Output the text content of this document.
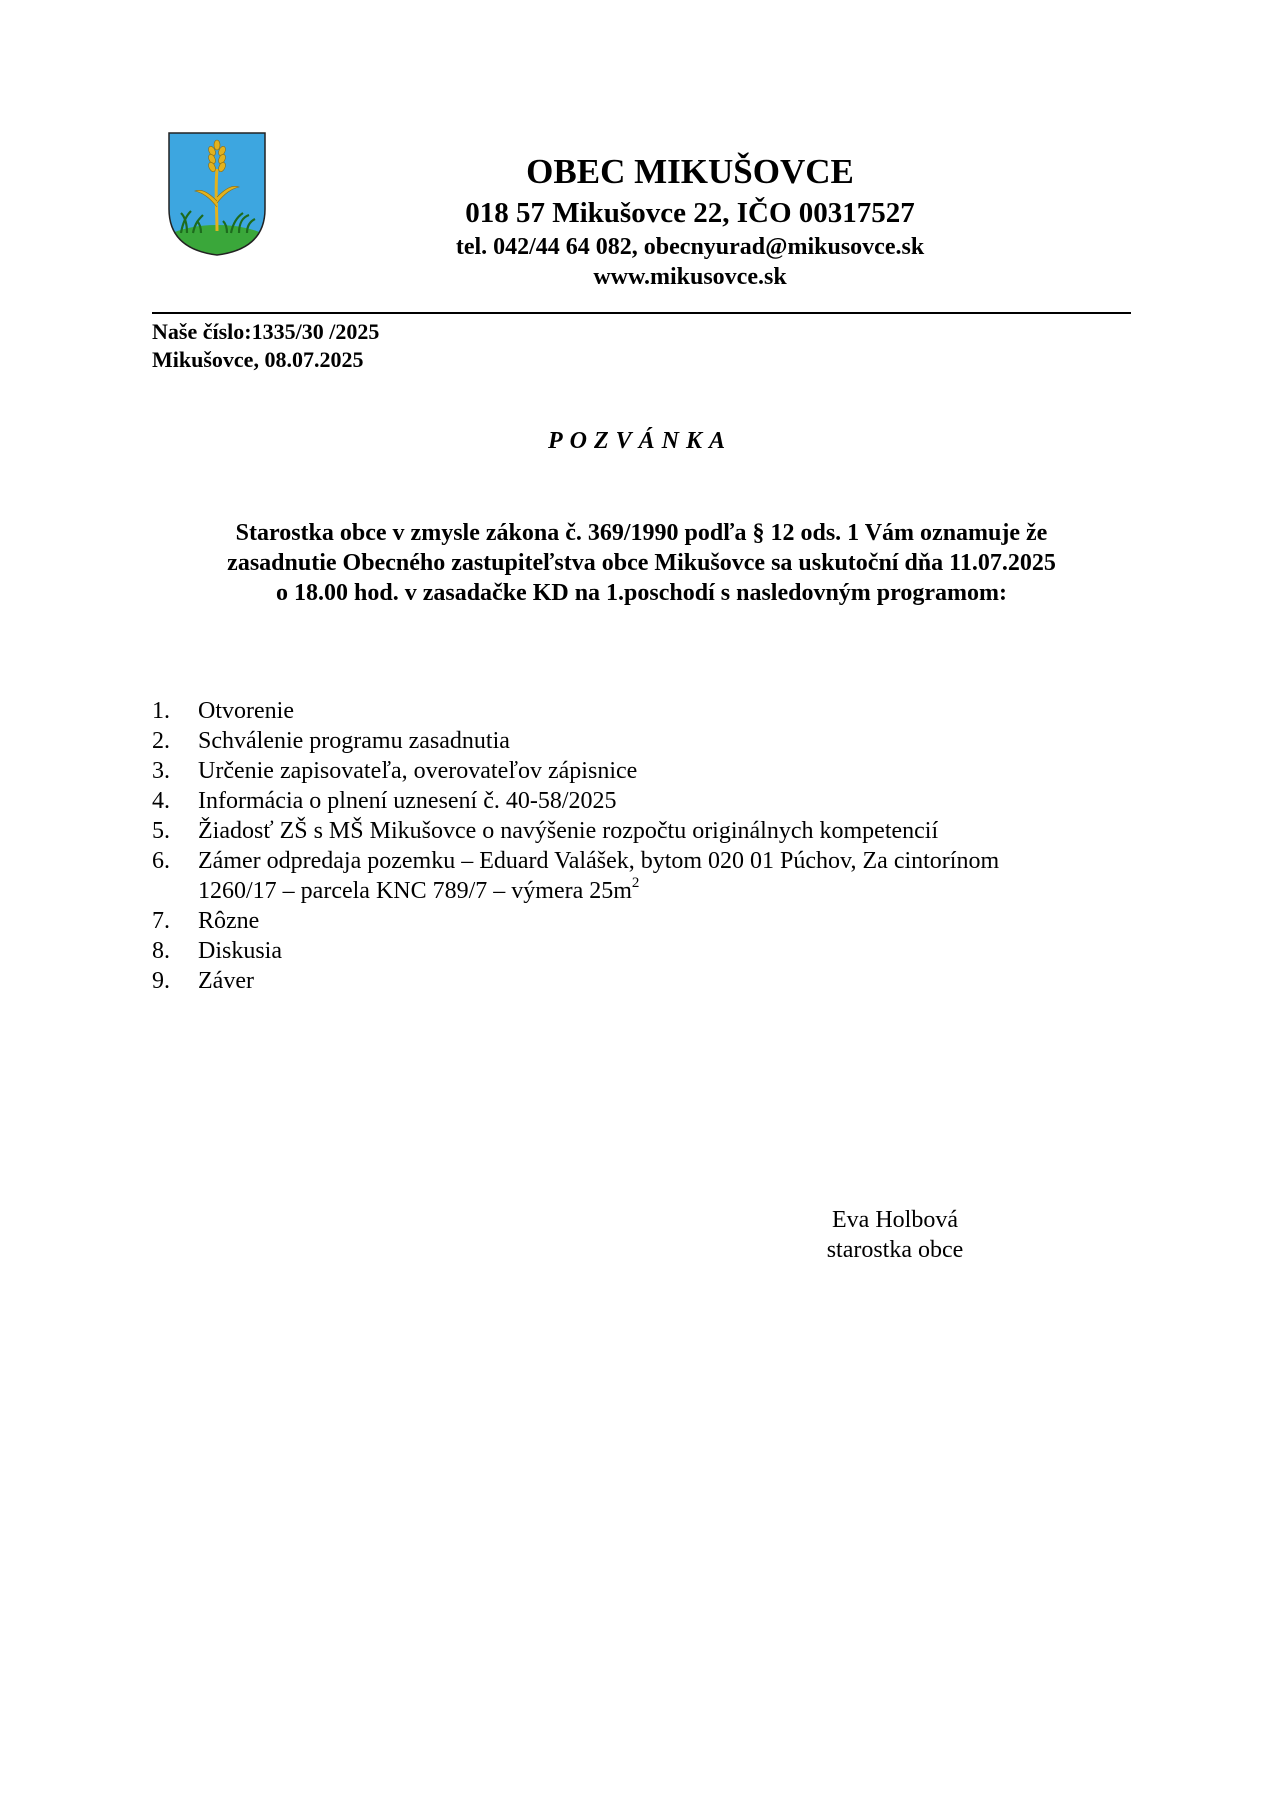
OBEC MIKUŠOVCE
018 57 Mikušovce 22, IČO 00317527
tel. 042/44 64 082, obecnyurad@mikusovce.sk
www.mikusovce.sk
Naše číslo:1335/30 /2025
Mikušovce, 08.07.2025
POZVÁNKA
Starostka obce v zmysle zákona č. 369/1990 podľa § 12 ods. 1 Vám oznamuje že
zasadnutie Obecného zastupiteľstva obce Mikušovce sa uskutoční dňa 11.07.2025
o 18.00 hod. v zasadačke KD na 1.poschodí s nasledovným programom:
1. Otvorenie
2. Schválenie programu zasadnutia
3. Určenie zapisovateľa, overovateľov zápisnice
4. Informácia o plnení uznesení č. 40-58/2025
5. Žiadosť ZŠ s MŠ Mikušovce o navýšenie rozpočtu originálnych kompetencií
6. Zámer odpredaja pozemku – Eduard Valášek, bytom 020 01 Púchov, Za cintorínom
1260/17 – parcela KNC 789/7 – výmera $25m^2$
7. Rôzne
8. Diskusia
9. Záver
Eva Holbová
starostka obce
